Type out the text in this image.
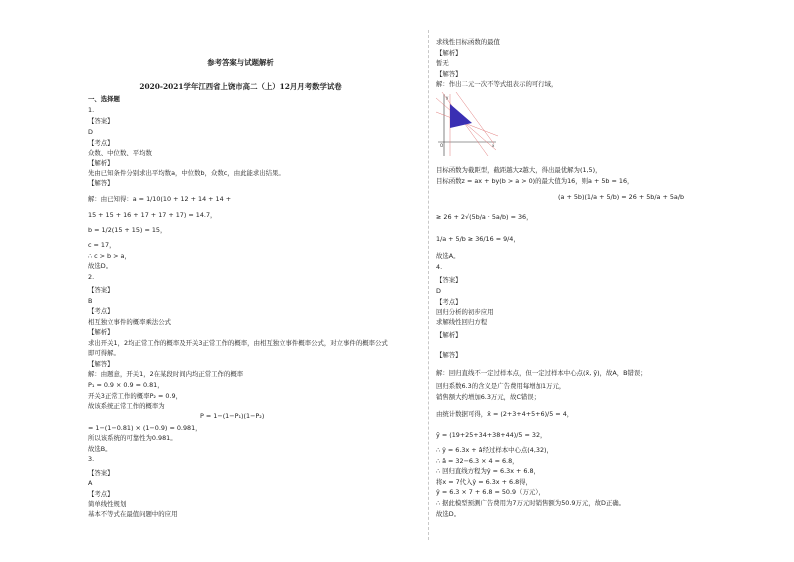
参考答案与试题解析
2020-2021学年江西省上饶市高二（上）12月月考数学试卷
一、选择题
1.
【答案】
D
【考点】
众数、中位数、平均数
【解析】
先由已知条件分别求出平均数a，中位数b，众数c，由此能求出结果。
【解答】
解：由已知得：a = 1/10(10 + 12 + 14 + 14 +
15 + 15 + 16 + 17 + 17 + 17) = 14.7，
b = 1/2(15 + 15) = 15，
c = 17，
∴ c > b > a，
故选D。
2.
【答案】
B
【考点】
相互独立事件的概率乘法公式
【解析】
求出开关1，2均正常工作的概率及开关3正常工作的概率，由相互独立事件概率公式，对立事件的概率公式
即可得解。
【解答】
解：由题意，开关1，2在某段时间内均正常工作的概率
P₁ = 0.9 × 0.9 = 0.81，
开关3正常工作的概率P₂ = 0.9，
故该系统正常工作的概率为
P = 1−(1−P₁)(1−P₂)
= 1−(1−0.81) × (1−0.9) = 0.981，
所以该系统的可靠性为0.981。
故选B。
3.
【答案】
A
【考点】
简单线性规划
基本不等式在最值问题中的应用
求线性目标函数的最值
【解析】
暂无
【解答】
解：作出二元一次不等式组表示的可行域，
y
x
O
目标函数为截距型，截距越大z越大，得出最优解为(1,5)，
目标函数z = ax + by(b > a > 0)的最大值为16，则a + 5b = 16，
(a + 5b)(1/a + 5/b) = 26 + 5b/a + 5a/b
≥ 26 + 2√(5b/a · 5a/b) = 36，
1/a + 5/b ≥ 36/16 = 9/4，
故选A。
4.
【答案】
D
【考点】
回归分析的初步应用
求解线性回归方程
【解析】
【解答】
解：回归直线不一定过样本点，但一定过样本中心点(x̄, ȳ)，故A，B错误；
回归系数6.3的含义是广告费用每增加1万元，
销售额大约增加6.3万元，故C错误；
由统计数据可得，x̄ = (2+3+4+5+6)/5 = 4，
ȳ = (19+25+34+38+44)/5 = 32，
∴ ŷ = 6.3x + â经过样本中心点(4,32)，
∴ â = 32−6.3 × 4 = 6.8，
∴ 回归直线方程为ŷ = 6.3x + 6.8，
将x = 7代入ŷ = 6.3x + 6.8得，
ŷ = 6.3 × 7 + 6.8 = 50.9（万元），
∴ 据此模型预测广告费用为7万元时销售额为50.9万元，故D正确。
故选D。
